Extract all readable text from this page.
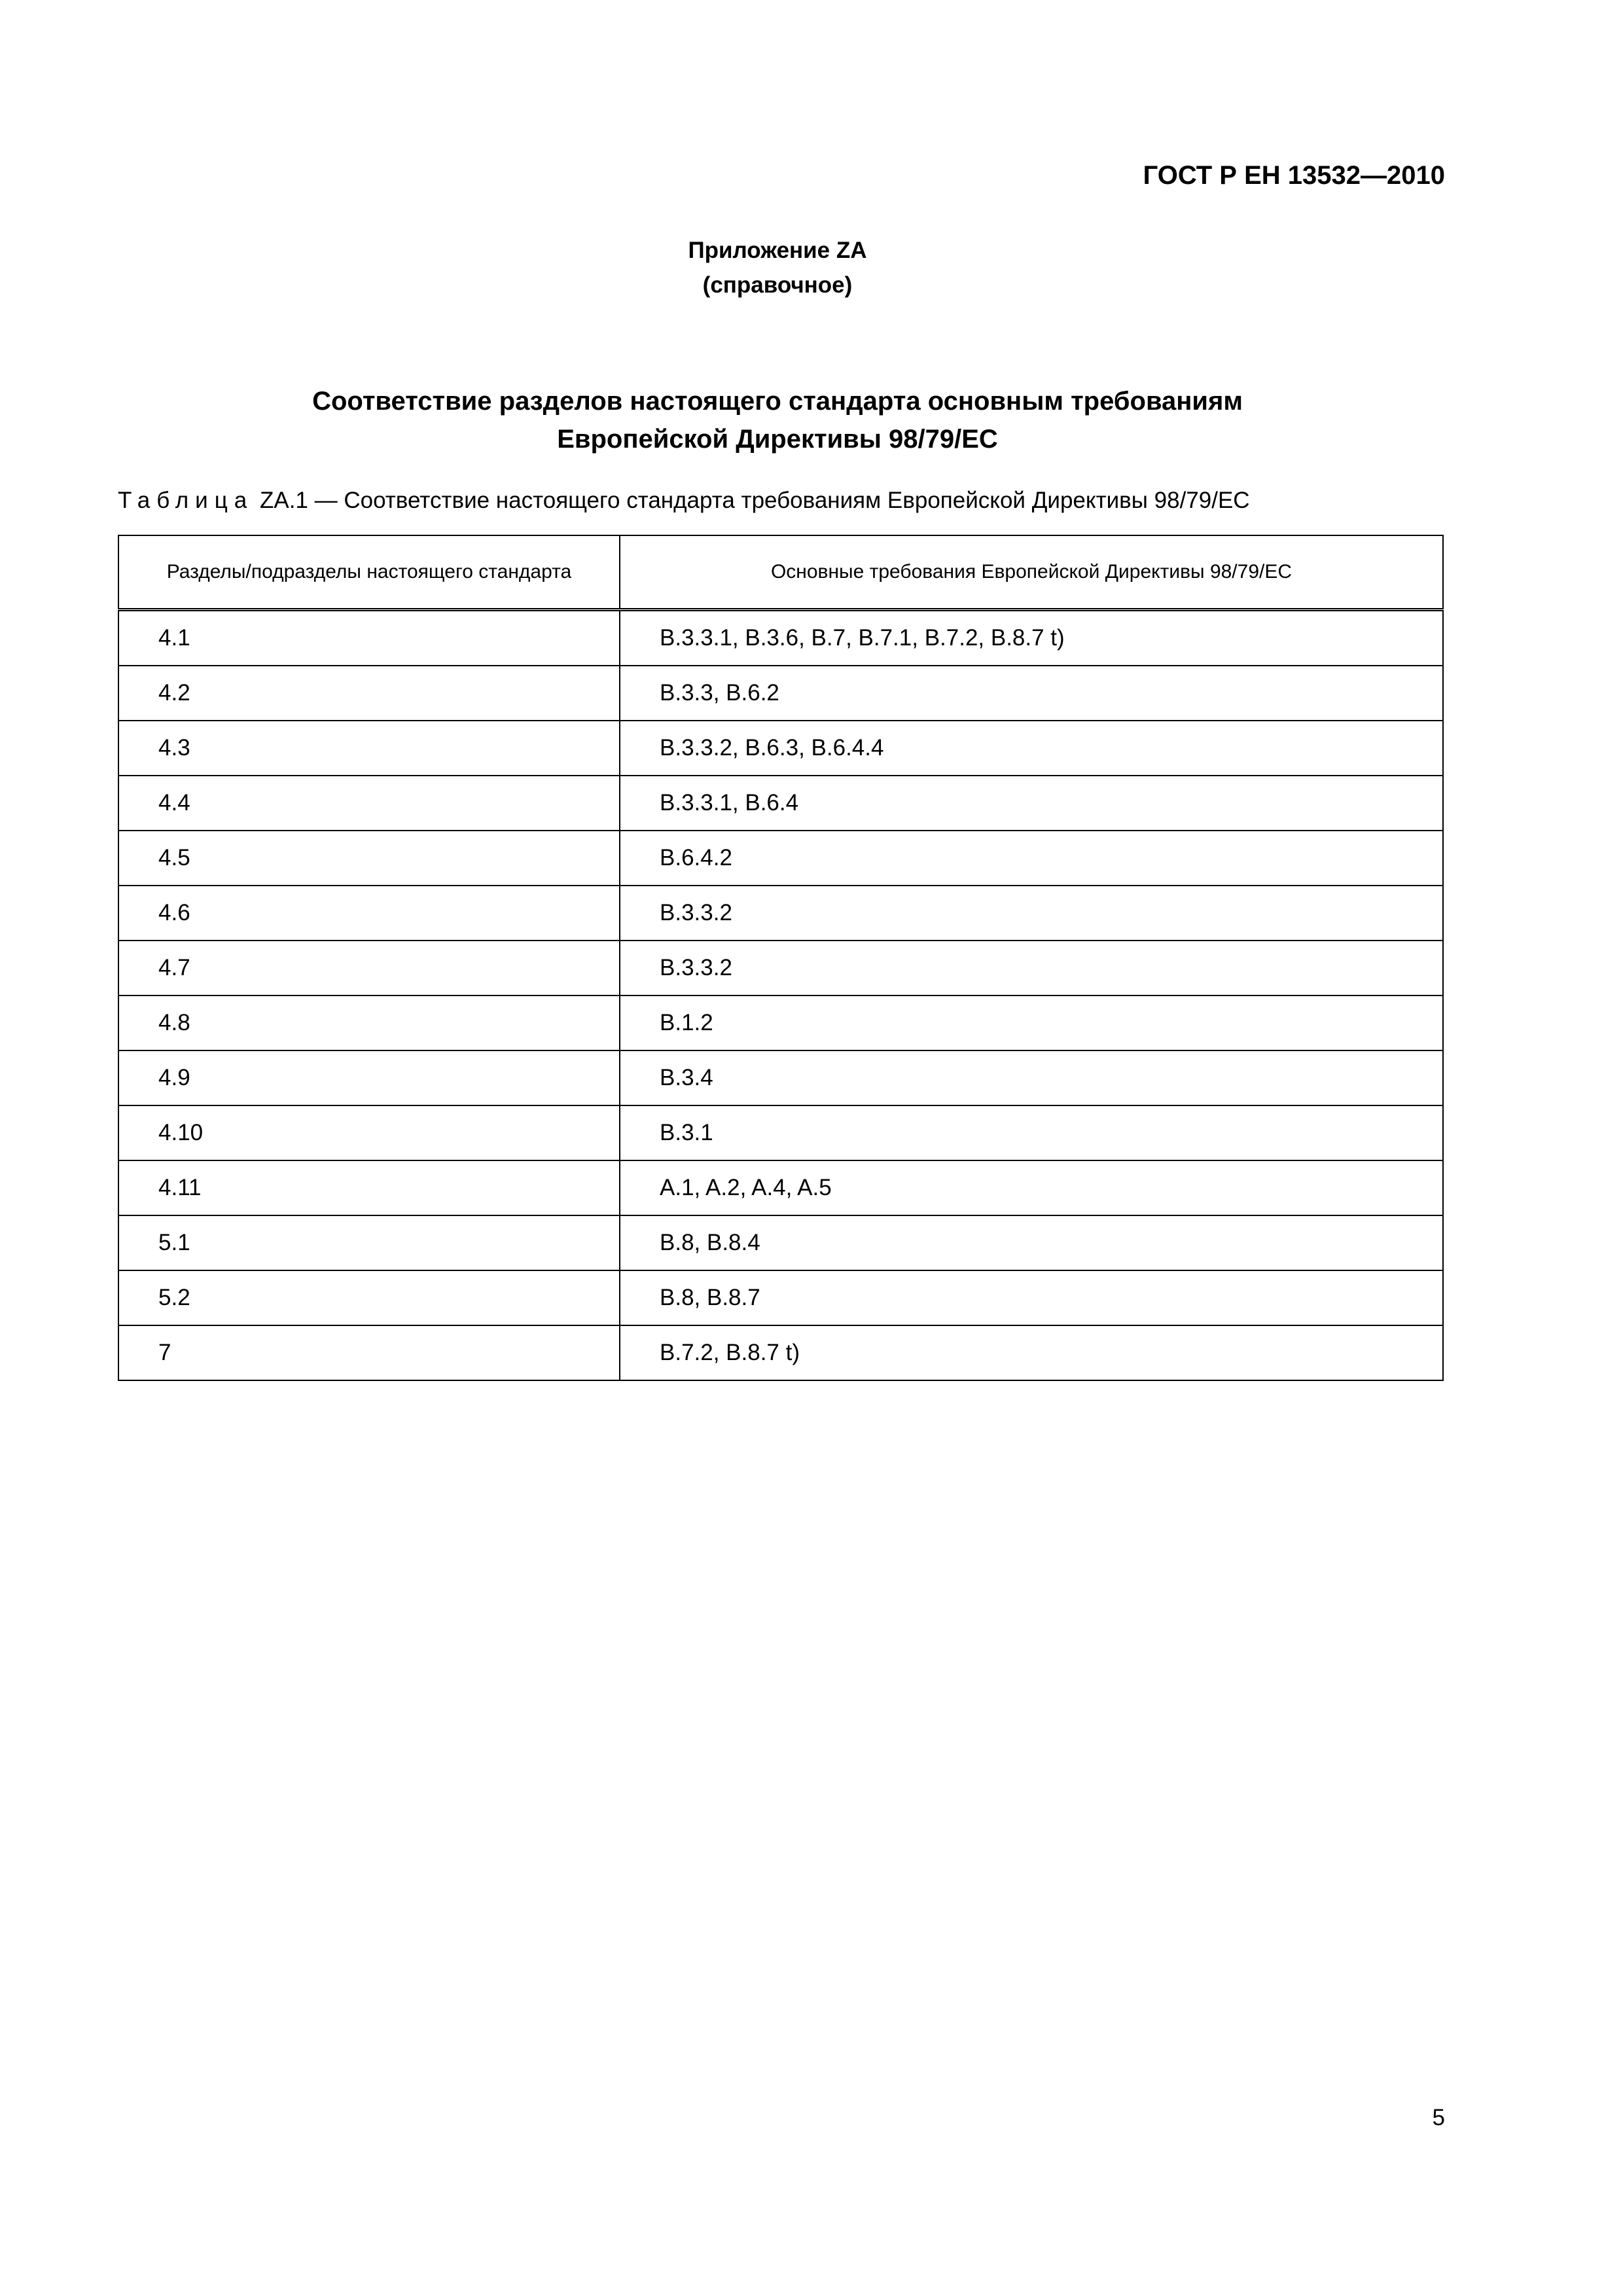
ГОСТ Р ЕН 13532—2010
Приложение ZA
(справочное)
Соответствие разделов настоящего стандарта основным требованиям
Европейской Директивы 98/79/ЕС
Таблица ZA.1 — Соответствие настоящего стандарта требованиям Европейской Директивы 98/79/ЕС
Разделы/подразделы настоящего стандарта	Основные требования Европейской Директивы 98/79/ЕС
4.1	B.3.3.1, B.3.6, B.7, B.7.1, B.7.2, B.8.7 t)
4.2	B.3.3, B.6.2
4.3	B.3.3.2, B.6.3, B.6.4.4
4.4	B.3.3.1, B.6.4
4.5	B.6.4.2
4.6	B.3.3.2
4.7	B.3.3.2
4.8	B.1.2
4.9	B.3.4
4.10	B.3.1
4.11	A.1, A.2, A.4, A.5
5.1	B.8, B.8.4
5.2	B.8, B.8.7
7	B.7.2, B.8.7 t)
5
